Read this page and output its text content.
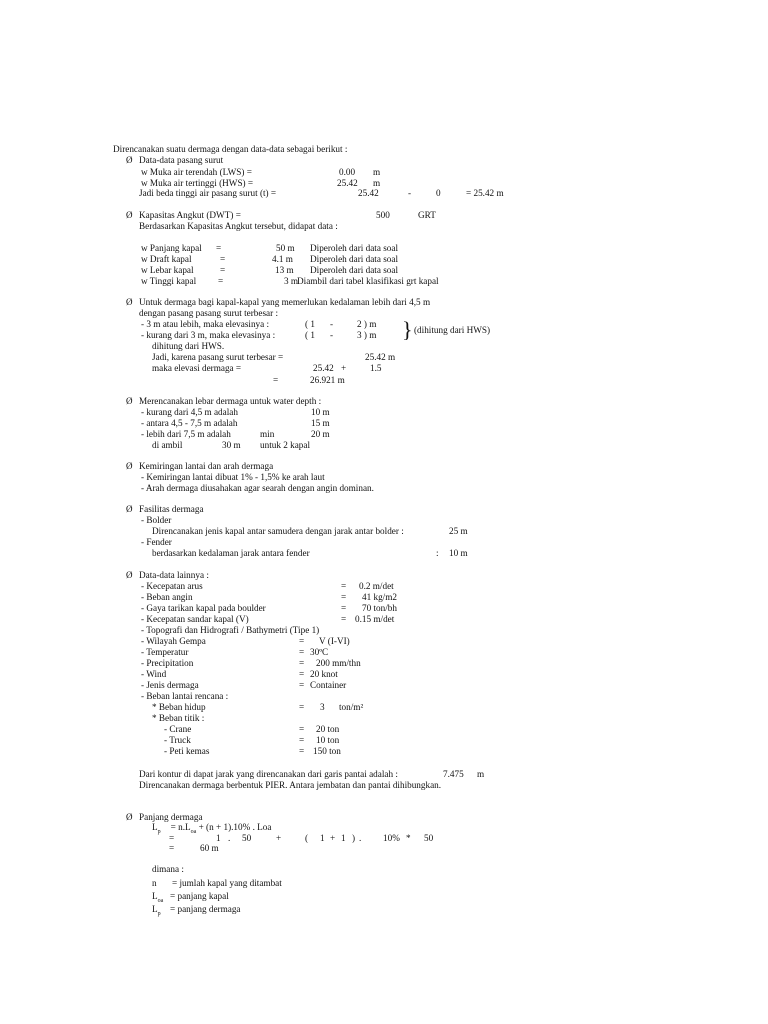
Direncanakan suatu dermaga dengan data-data sebagai berikut :
Ø Data-data pasang surut
w Muka air terendah (LWS) =	0.00 m
w Muka air tertinggi (HWS) =	25.42 m
Jadi beda tinggi air pasang surut (t) =	25.42	-	0	= 25.42 m
Ø Kapasitas Angkut (DWT) =	500	GRT
Berdasarkan Kapasitas Angkut tersebut, didapat data :
w Panjang kapal =	50 m Diperoleh dari data soal
w Draft kapal	=	4.1 m Diperoleh dari data soal
w Lebar kapal	=	13 m Diperoleh dari data soal
w Tinggi kapal =	3 m
Diambil dari tabel klasifikasi grt kapal
Ø Untuk dermaga bagi kapal-kapal yang memerlukan kedalaman lebih dari 4,5 m
dengan pasang pasang surut terbesar :
- 3 m atau lebih, maka elevasinya :	( 1 -	2 ) m
- kurang dari 3 m, maka elevasinya :	( 1 -	3 ) m } (dihitung dari HWS)
dihitung dari HWS.
Jadi, karena pasang surut terbesar =	25.42 m
maka elevasi dermaga =	25.42 +	1.5
=	26.921 m
Ø Merencanakan lebar dermaga untuk water depth :
- kurang dari 4,5 m adalah	10 m
- antara 4,5 - 7,5 m adalah	15 m
- lebih dari 7,5 m adalah	min	20 m
di ambil	30 m untuk 2 kapal
Ø Kemiringan lantai dan arah dermaga
- Kemiringan lantai dibuat 1% - 1,5% ke arah laut
- Arah dermaga diusahakan agar searah dengan angin dominan.
Ø Fasilitas dermaga
- Bolder
Direncanakan jenis kapal antar samudera dengan jarak antar bolder :	25 m
- Fender
berdasarkan kedalaman jarak antara fender	: 10 m
Ø Data-data lainnya :
- Kecepatan arus	= 0.2 m/det
- Beban angin	= 41 kg/m2
- Gaya tarikan kapal pada boulder	= 70 ton/bh
- Kecepatan sandar kapal (V)	= 0.15 m/det
- Topografi dan Hidrografi / Bathymetri (Tipe 1)
- Wilayah Gempa	= V (I-VI)
- Temperatur	= 30ºC
- Precipitation	= 200 mm/thn
- Wind	= 20 knot
- Jenis dermaga	= Container
- Beban lantai rencana :
* Beban hidup	= 3 ton/m²
* Beban titik :
- Crane	= 20 ton
- Truck	= 10 ton
- Peti kemas	= 150 ton
Dari kontur di dapat jarak yang direncanakan dari garis pantai adalah :	7.475 m
Direncanakan dermaga berbentuk PIER. Antara jembatan dan pantai dihibungkan.
Ø Panjang dermaga
$L_p = n.L_{oa} + (n + 1).10\%$ . Loa
=	1 . 50	+	( 1 + 1 ) . 10% * 50
=	60 m
dimana :
n = jumlah kapal yang ditambat
$L_{oa}$ = panjang kapal
$L_p$ = panjang dermaga
